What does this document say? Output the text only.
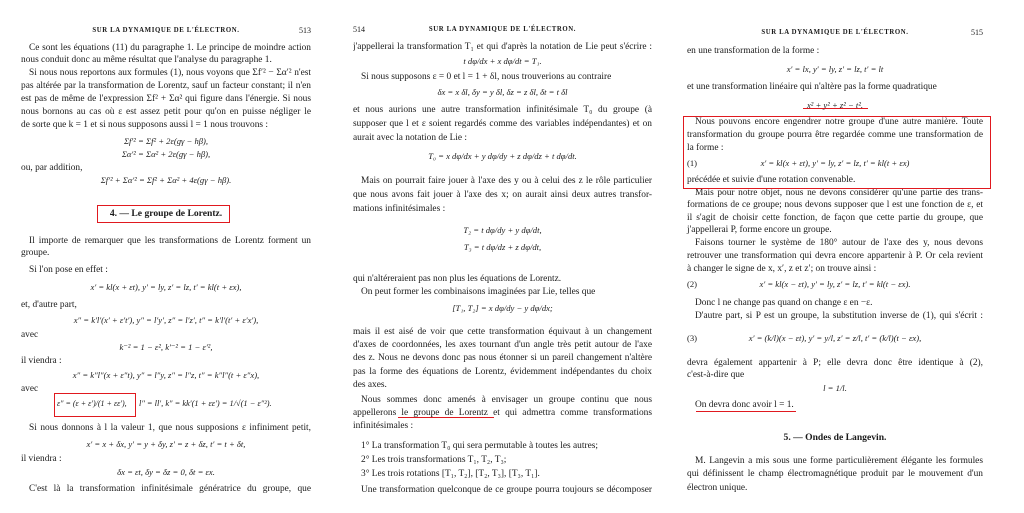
SUR LA DYNAMIQUE DE L'ÉLECTRON.	513
Ce sont les équations (11) du paragraphe 1. Le principe de moindre action
nous conduit donc au même résultat que l'analyse du paragraphe 1.
Si nous nous reportons aux formules (1), nous voyons que Σf′² − Σα′² n'est
pas altérée par la transformation de Lorentz, sauf un facteur constant; il n'en
est pas de même de l'expression Σf² + Σα² qui figure dans l'énergie. Si nous
nous bornons au cas où ε est assez petit pour qu'on en puisse négliger le
de sorte que k = 1 et si nous supposons aussi l = 1 nous trouvons :
Σf′² = Σf² + 2ε(gγ − hβ),
Σα′² = Σα² + 2ε(gγ − hβ),
ou, par addition,
Σf′² + Σα′² = Σf² + Σα² + 4ε(gγ − hβ).
4. — Le groupe de Lorentz.
Il importe de remarquer que les transformations de Lorentz forment un
groupe.
Si l'on pose en effet :
x′ = kl(x + εt), y′ = ly, z′ = lz, t′ = kl(t + εx),
et, d'autre part,
x″ = k′l′(x′ + ε′t′), y″ = l′y′, z″ = l′z′, t″ = k′l′(t′ + ε′x′),
avec
k⁻² = 1 − ε², k′⁻² = 1 − ε′²,
il viendra :
x″ = k″l″(x + ε″t), y″ = l″y, z″ = l″z, t″ = k″l″(t + ε″x),
avec
ε″ = (ε + ε′)/(1 + εε′), l″ = ll′, k″ = kk′(1 + εε′) = 1/√(1 − ε″²).
Si nous donnons à l la valeur 1, que nous supposions ε infiniment petit,
x′ = x + δx, y′ = y + δy, z′ = z + δz, t′ = t + δt,
il viendra :
δx = εt, δy = δz = 0, δt = εx.
C'est là la transformation infinitésimale génératrice du groupe, que
514	SUR LA DYNAMIQUE DE L'ÉLECTRON.
j'appellerai la transformation T₁ et qui d'après la notation de Lie peut s'écrire :
t dφ/dx + x dφ/dt = T₁.
Si nous supposons ε = 0 et l = 1 + δl, nous trouverions au contraire
δx = x δl, δy = y δl, δz = z δl, δt = t δl
et nous aurions une autre transformation infinitésimale T₀ du groupe (à
supposer que l et ε soient regardés comme des variables indépendantes) et on
aurait avec la notation de Lie :
T₀ = x dφ/dx + y dφ/dy + z dφ/dz + t dφ/dt.
Mais on pourrait faire jouer à l'axe des y ou à celui des z le rôle particulier
que nous avons fait jouer à l'axe des x; on aurait ainsi deux autres transfor-
mations infinitésimales :
T₂ = t dφ/dy + y dφ/dt,
T₃ = t dφ/dz + z dφ/dt,
qui n'altéreraient pas non plus les équations de Lorentz.
On peut former les combinaisons imaginées par Lie, telles que
[T₁, T₂] = x dφ/dy − y dφ/dx;
mais il est aisé de voir que cette transformation équivaut à un changement
d'axes de coordonnées, les axes tournant d'un angle très petit autour de l'axe
des z. Nous ne devons donc pas nous étonner si un pareil changement n'altère
pas la forme des équations de Lorentz, évidemment indépendantes du choix
des axes.
Nous sommes donc amenés à envisager un groupe continu que nous
appellerons le groupe de Lorentz et qui admettra comme transformations
infinitésimales :
1° La transformation T₀ qui sera permutable à toutes les autres;
2° Les trois transformations T₁, T₂, T₃;
3° Les trois rotations [T₁, T₂], [T₂, T₃], [T₃, T₁].
Une transformation quelconque de ce groupe pourra toujours se décomposer
SUR LA DYNAMIQUE DE L'ÉLECTRON.	515
en une transformation de la forme :
x′ = lx, y′ = ly, z′ = lz, t′ = lt
et une transformation linéaire qui n'altère pas la forme quadratique
x² + y² + z² − t².
Nous pouvons encore engendrer notre groupe d'une autre manière. Toute
transformation du groupe pourra être regardée comme une transformation de
la forme :
(1)	x′ = kl(x + εt), y′ = ly, z′ = lz, t′ = kl(t + εx)
précédée et suivie d'une rotation convenable.
Mais pour notre objet, nous ne devons considérer qu'une partie des trans-
formations de ce groupe; nous devons supposer que l est une fonction de ε, et
il s'agit de choisir cette fonction, de façon que cette partie du groupe, que
j'appellerai P, forme encore un groupe.
Faisons tourner le système de 180° autour de l'axe des y, nous devons
retrouver une transformation qui devra encore appartenir à P. Or cela revient
à changer le signe de x, x′, z et z′; on trouve ainsi :
(2)	x′ = kl(x − εt), y′ = ly, z′ = lz, t′ = kl(t − εx).
Donc l ne change pas quand on change ε en −ε.
D'autre part, si P est un groupe, la substitution inverse de (1), qui s'écrit :
(3)	x′ = (k/l)(x − εt), y′ = y/l, z′ = z/l, t′ = (k/l)(t − εx),
devra également appartenir à P; elle devra donc être identique à (2),
c'est-à-dire que
l = 1/l.
On devra donc avoir l = 1.
5. — Ondes de Langevin.
M. Langevin a mis sous une forme particulièrement élégante les formules
qui définissent le champ électromagnétique produit par le mouvement d'un
électron unique.
